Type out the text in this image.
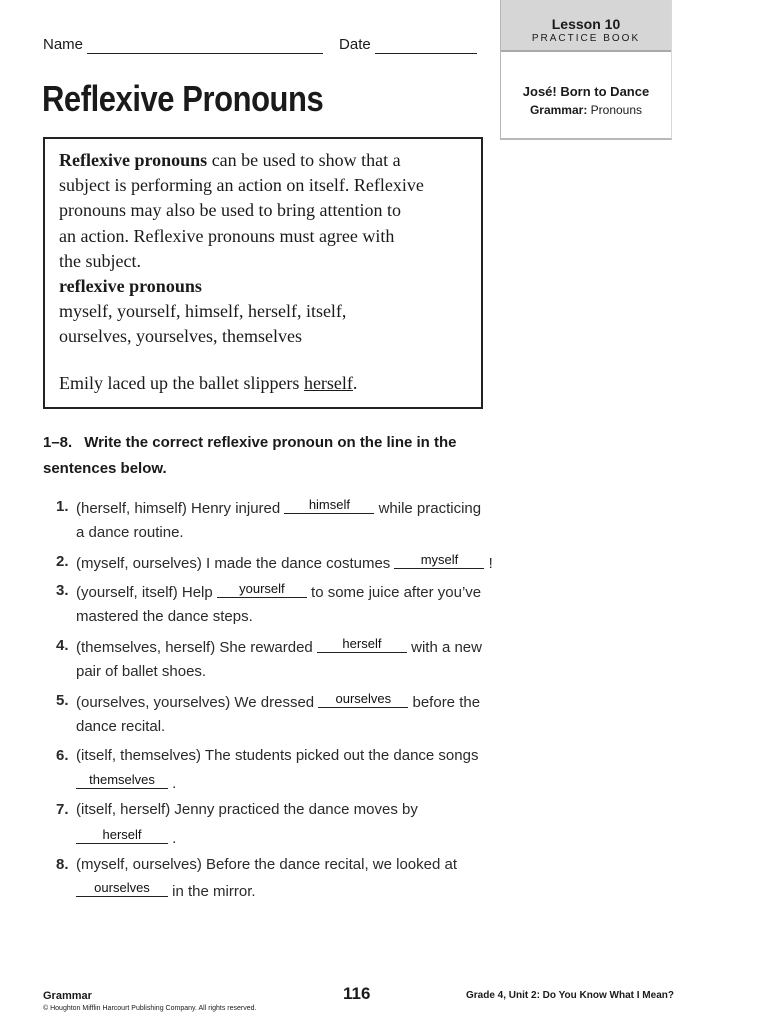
Name	Date
Lesson 10
PRACTICE BOOK
José! Born to Dance
Grammar: Pronouns
Reflexive Pronouns
Reflexive pronouns can be used to show that a
subject is performing an action on itself. Reflexive
pronouns may also be used to bring attention to
an action. Reflexive pronouns must agree with
the subject.
reflexive pronouns
myself, yourself, himself, herself, itself,
ourselves, yourselves, themselves
Emily laced up the ballet slippers herself.
1–8. Write the correct reflexive pronoun on the line in the
sentences below.
1. (herself, himself) Henry injured himself while practicing
a dance routine.
2. (myself, ourselves) I made the dance costumes myself !
3. (yourself, itself) Help yourself to some juice after you’ve
mastered the dance steps.
4. (themselves, herself) She rewarded herself with a new
pair of ballet shoes.
5. (ourselves, yourselves) We dressed ourselves before the
dance recital.
6. (itself, themselves) The students picked out the dance songs
themselves .
7. (itself, herself) Jenny practiced the dance moves by
herself .
8. (myself, ourselves) Before the dance recital, we looked at
ourselves in the mirror.
Grammar
© Houghton Mifflin Harcourt Publishing Company. All rights reserved.
116	Grade 4, Unit 2: Do You Know What I Mean?
